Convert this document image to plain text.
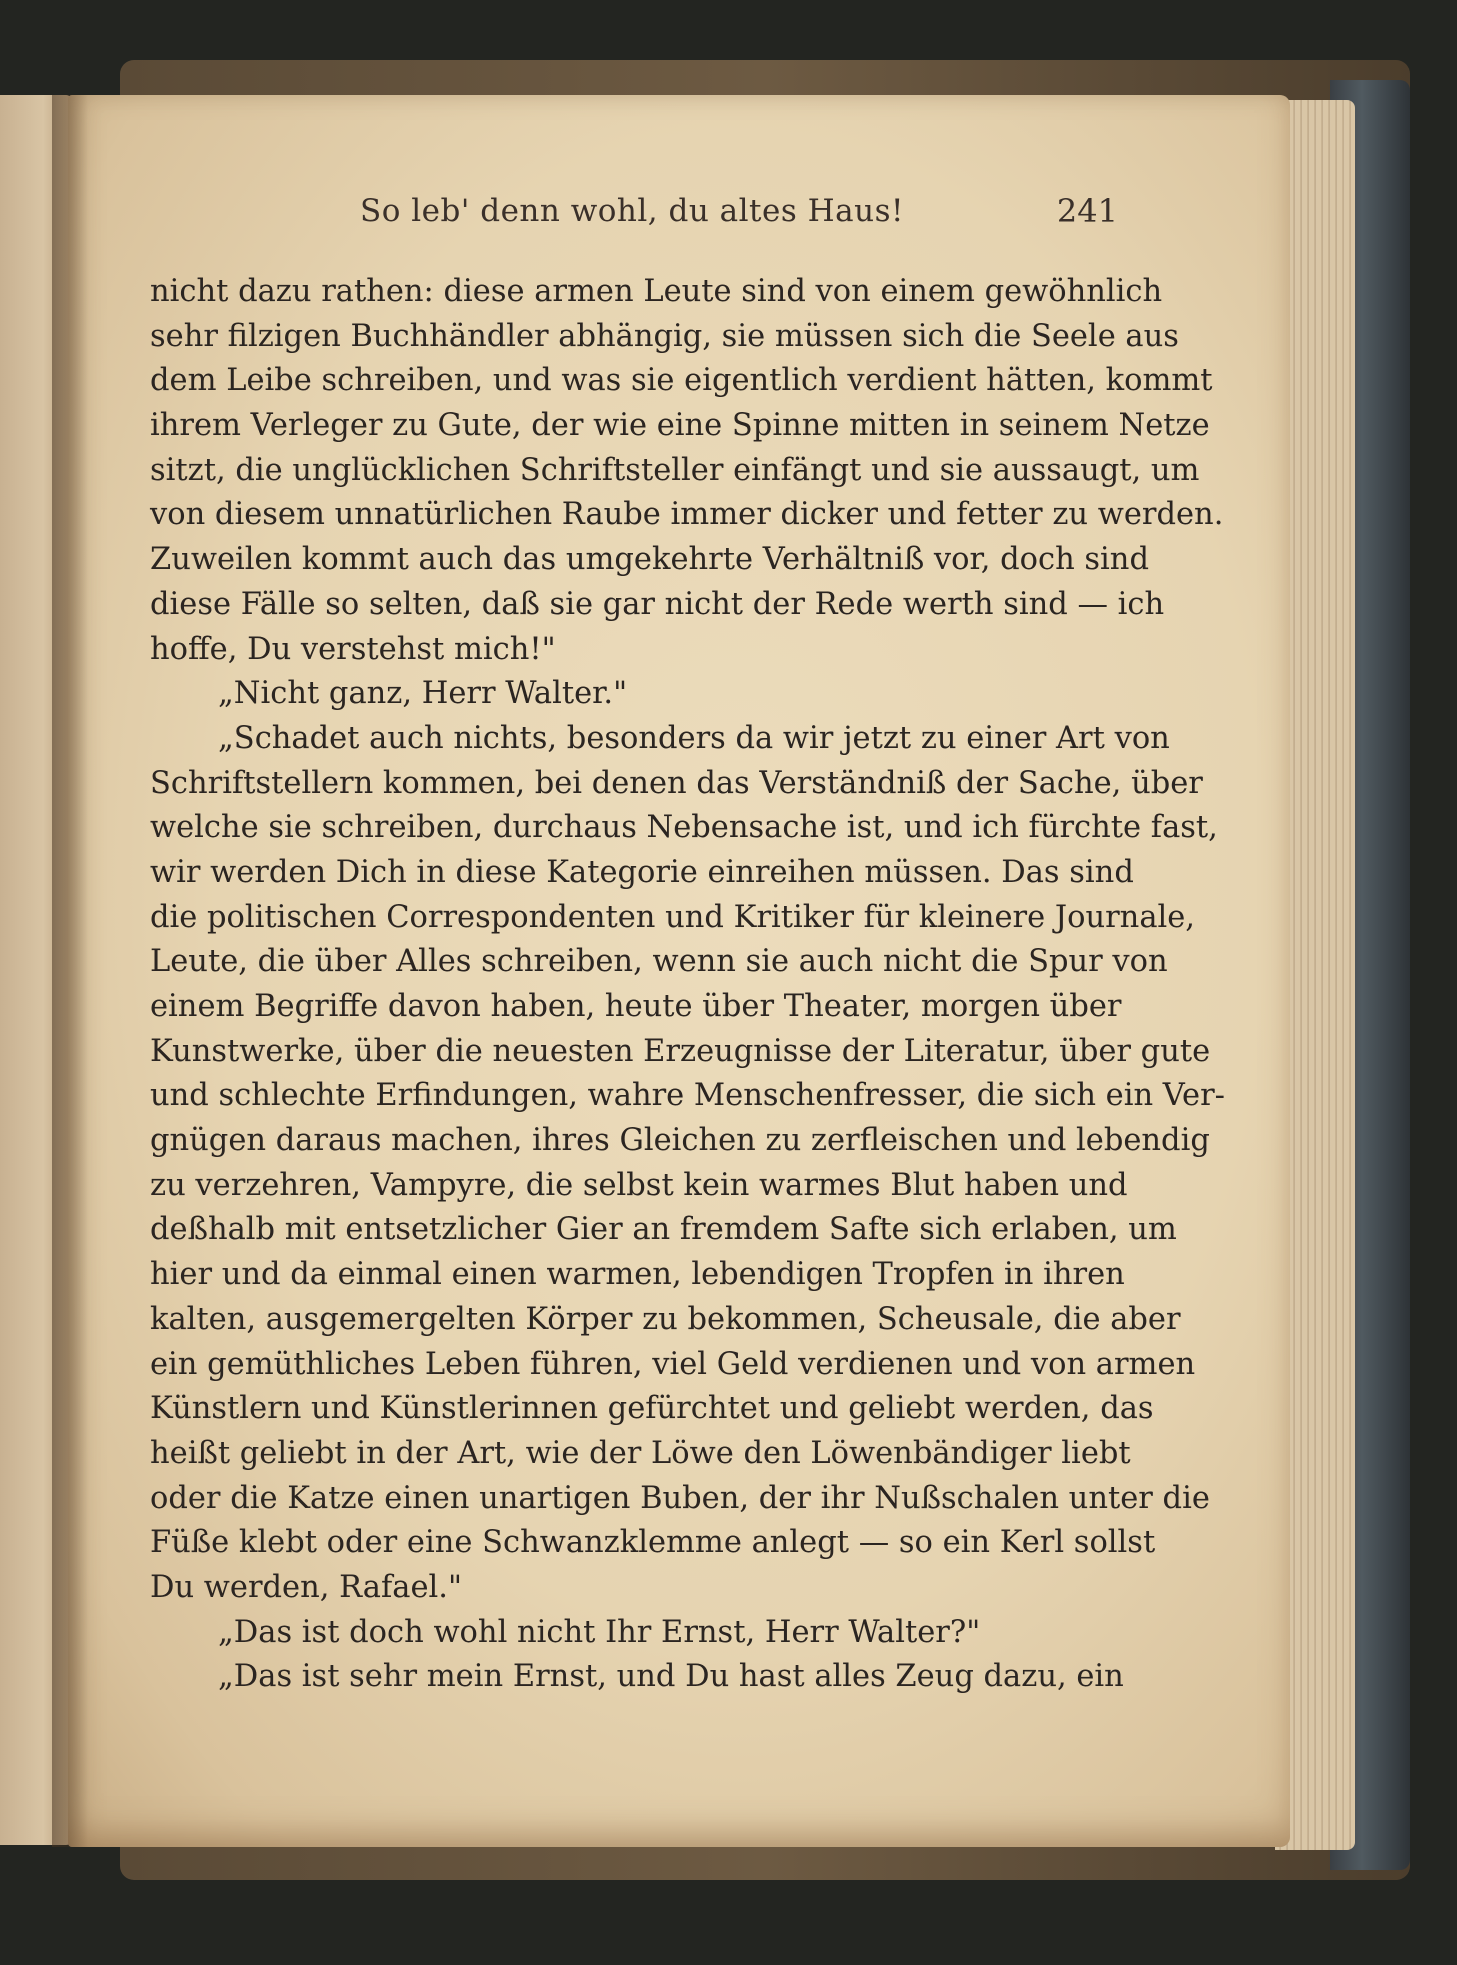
So leb' denn wohl, du altes Haus!	241
nicht dazu rathen: diese armen Leute sind von einem gewöhnlich
sehr filzigen Buchhändler abhängig, sie müssen sich die Seele aus
dem Leibe schreiben, und was sie eigentlich verdient hätten, kommt
ihrem Verleger zu Gute, der wie eine Spinne mitten in seinem Netze
sitzt, die unglücklichen Schriftsteller einfängt und sie aussaugt, um
von diesem unnatürlichen Raube immer dicker und fetter zu werden.
Zuweilen kommt auch das umgekehrte Verhältniß vor, doch sind
diese Fälle so selten, daß sie gar nicht der Rede werth sind — ich
hoffe, Du verstehst mich!"
„Nicht ganz, Herr Walter."
„Schadet auch nichts, besonders da wir jetzt zu einer Art von
Schriftstellern kommen, bei denen das Verständniß der Sache, über
welche sie schreiben, durchaus Nebensache ist, und ich fürchte fast,
wir werden Dich in diese Kategorie einreihen müssen. Das sind
die politischen Correspondenten und Kritiker für kleinere Journale,
Leute, die über Alles schreiben, wenn sie auch nicht die Spur von
einem Begriffe davon haben, heute über Theater, morgen über
Kunstwerke, über die neuesten Erzeugnisse der Literatur, über gute
und schlechte Erfindungen, wahre Menschenfresser, die sich ein Ver-
gnügen daraus machen, ihres Gleichen zu zerfleischen und lebendig
zu verzehren, Vampyre, die selbst kein warmes Blut haben und
deßhalb mit entsetzlicher Gier an fremdem Safte sich erlaben, um
hier und da einmal einen warmen, lebendigen Tropfen in ihren
kalten, ausgemergelten Körper zu bekommen, Scheusale, die aber
ein gemüthliches Leben führen, viel Geld verdienen und von armen
Künstlern und Künstlerinnen gefürchtet und geliebt werden, das
heißt geliebt in der Art, wie der Löwe den Löwenbändiger liebt
oder die Katze einen unartigen Buben, der ihr Nußschalen unter die
Füße klebt oder eine Schwanzklemme anlegt — so ein Kerl sollst
Du werden, Rafael."
„Das ist doch wohl nicht Ihr Ernst, Herr Walter?"
„Das ist sehr mein Ernst, und Du hast alles Zeug dazu, ein
